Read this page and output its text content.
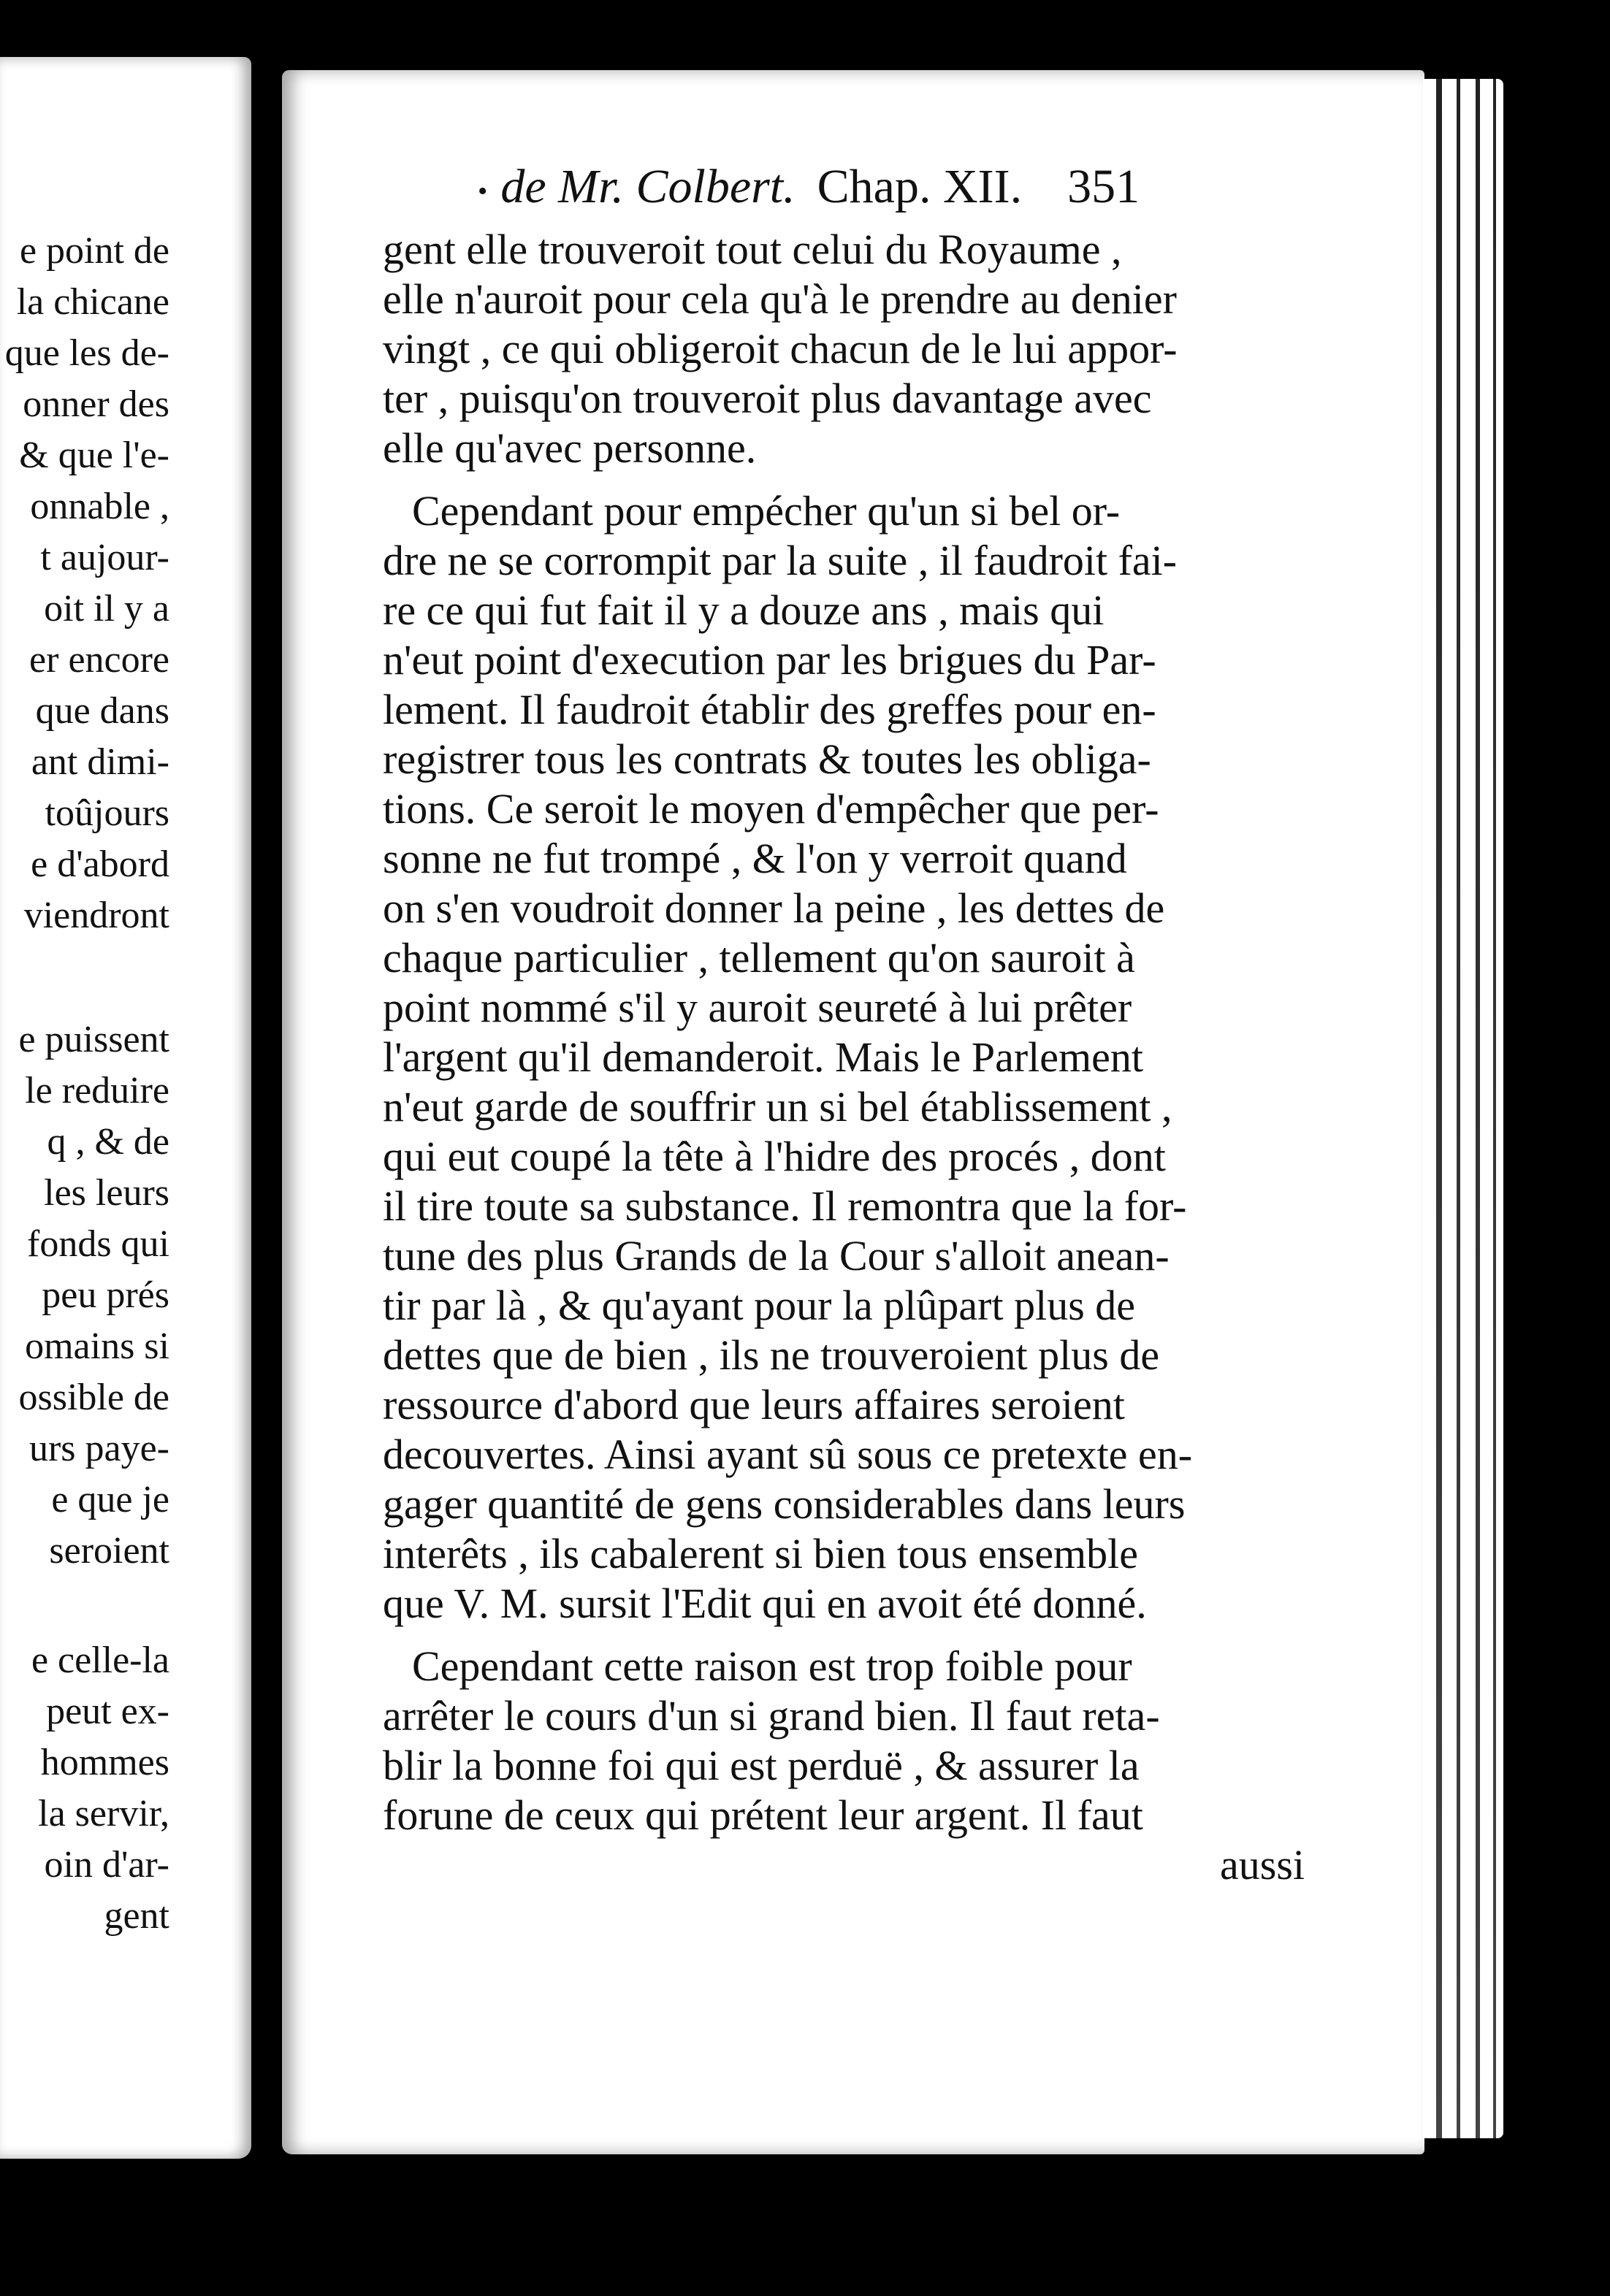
e point de
la chicane
que les de-
onner des
& que l'e-
onnable ,
t aujour-
oit il y a
er encore
que dans
ant dimi-
toûjours
e d'abord
viendront
e puissent
le reduire
q , & de
les leurs
fonds qui
peu prés
omains si
ossible de
urs paye-
e que je
seroient
e celle-la
peut ex-
hommes
la servir,
oin d'ar-
gent
• de Mr. Colbert. Chap. XII. 351
gent elle trouveroit tout celui du Royaume ,
elle n'auroit pour cela qu'à le prendre au denier
vingt , ce qui obligeroit chacun de le lui appor-
ter , puisqu'on trouveroit plus davantage avec
elle qu'avec personne.
Cependant pour empécher qu'un si bel or-
dre ne se corrompit par la suite , il faudroit fai-
re ce qui fut fait il y a douze ans , mais qui
n'eut point d'execution par les brigues du Par-
lement. Il faudroit établir des greffes pour en-
registrer tous les contrats & toutes les obliga-
tions. Ce seroit le moyen d'empêcher que per-
sonne ne fut trompé , & l'on y verroit quand
on s'en voudroit donner la peine , les dettes de
chaque particulier , tellement qu'on sauroit à
point nommé s'il y auroit seureté à lui prêter
l'argent qu'il demanderoit. Mais le Parlement
n'eut garde de souffrir un si bel établissement ,
qui eut coupé la tête à l'hidre des procés , dont
il tire toute sa substance. Il remontra que la for-
tune des plus Grands de la Cour s'alloit anean-
tir par là , & qu'ayant pour la plûpart plus de
dettes que de bien , ils ne trouveroient plus de
ressource d'abord que leurs affaires seroient
decouvertes. Ainsi ayant sû sous ce pretexte en-
gager quantité de gens considerables dans leurs
interêts , ils cabalerent si bien tous ensemble
que V. M. sursit l'Edit qui en avoit été donné.
Cependant cette raison est trop foible pour
arrêter le cours d'un si grand bien. Il faut reta-
blir la bonne foi qui est perduë , & assurer la
forune de ceux qui prétent leur argent. Il faut
aussi
